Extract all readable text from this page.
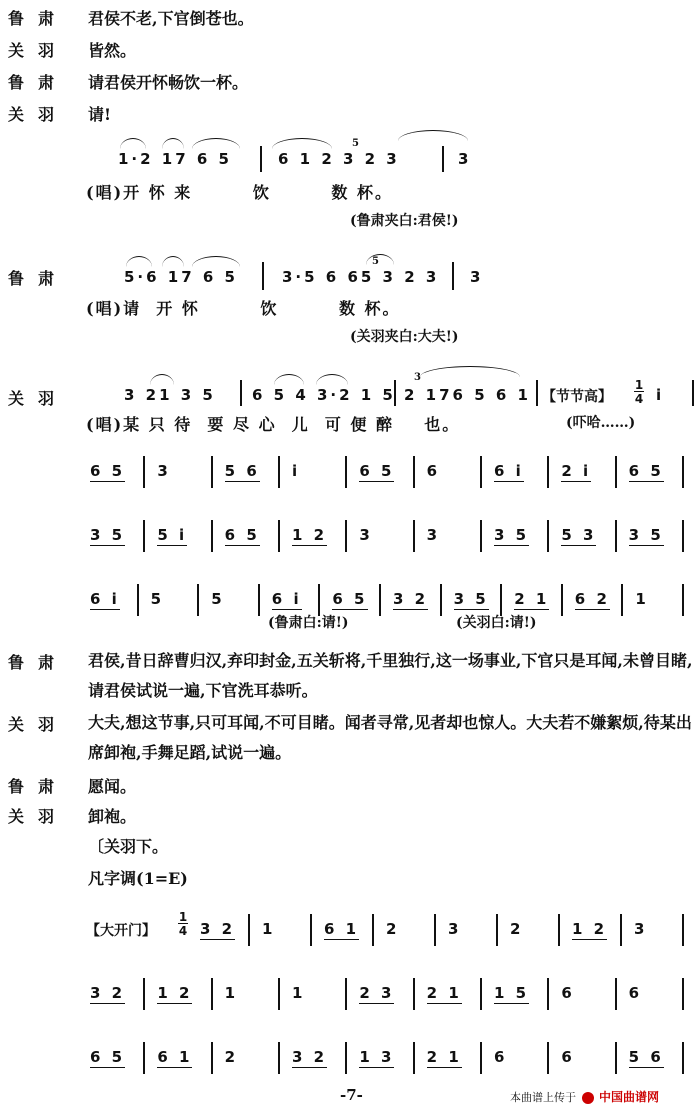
鲁肃 君侯不老,下官倒苍也。
关羽 皆然。
鲁肃 请君侯开怀畅饮一杯。
关羽 请!
1·2 17 6 5	6 1 2 3 2 3
5
3
(唱)开 怀 来        饮        数 杯。
(鲁肃夹白:君侯!)
鲁肃	5·6 17 6 5	3·5 6 65 3 2 3
5
3
(唱)请  开 怀        饮        数 杯。
(关羽夹白:大夫!)
关羽	3 21 3 5 6 5 4 3·2 1 5
3
2 176 5 6 1 【节节高】
1
4 i
(唱)某 只 待  要 尽 心  儿  可 便 醉    也。	(吓哈……)
6 5 3	5 6 i	6 5 6	6 i	2 i	6 5
3 5 5 i	6 5 1 2 3	3	3 5 5 3 3 5
6 i 5	5	6 i 6 5 3 2 3 5 2 1 6 2 1
(鲁肃白:请!)	(关羽白:请!)
鲁肃 君侯,昔日辞曹归汉,弃印封金,五关斩将,千里独行,这一场事业,下官只是耳闻,未曾目睹,请君侯试说一遍,下官洗耳恭听。
关羽 大夫,想这节事,只可耳闻,不可目睹。闻者寻常,见者却也惊人。大夫若不嫌絮烦,待某出席卸袍,手舞足蹈,试说一遍。
鲁肃 愿闻。
关羽 卸袍。
〔关羽下。
凡字调(1=E)
【大开门】
1
4 3 2 1	6 1 2	3	2	1 2 3
3 2 1 2 1	1	2 3 2 1 1 5 6	6
6 5 6 1 2	3 2 1 3 2 1 6	6	5 6
-7-	本曲谱上传于 中国曲谱网
